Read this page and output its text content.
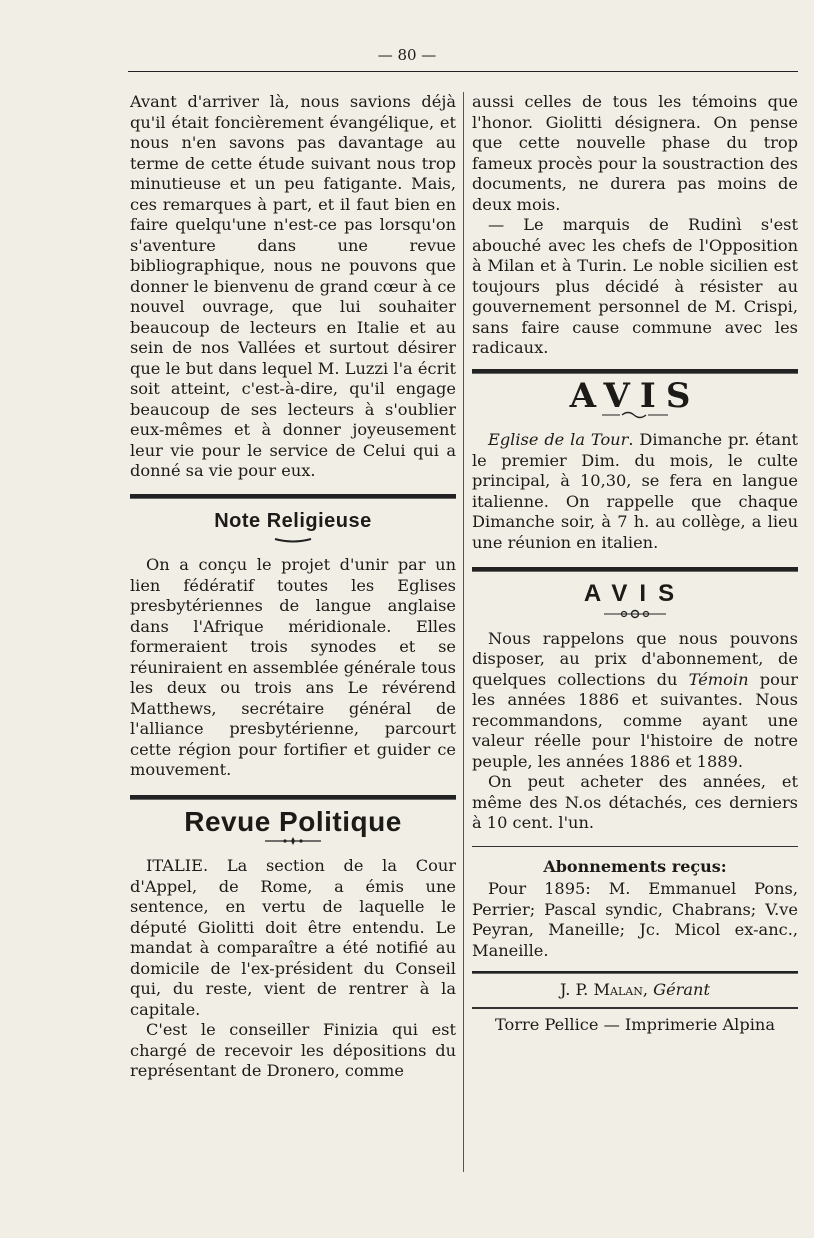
— 80 —

Avant d'arriver là, nous savions déjà qu'il était foncièrement évangélique, et nous n'en savons pas davantage au terme de cette étude suivant nous trop minutieuse et un peu fatigante. Mais, ces remarques à part, et il faut bien en faire quelqu'une n'est-ce pas lorsqu'on s'aventure dans une revue bibliographique, nous ne pouvons que donner le bienvenu de grand cœur à ce nouvel ouvrage, que lui souhaiter beaucoup de lecteurs en Italie et au sein de nos Vallées et surtout désirer que le but dans lequel M. Luzzi l'a écrit soit atteint, c'est-à-dire, qu'il engage beaucoup de ses lecteurs à s'oublier eux-mêmes et à donner joyeusement leur vie pour le service de Celui qui a donné sa vie pour eux.

Note Religieuse

On a conçu le projet d'unir par un lien fédératif toutes les Eglises presbytériennes de langue anglaise dans l'Afrique méridionale. Elles formeraient trois synodes et se réuniraient en assemblée générale tous les deux ou trois ans Le révérend Matthews, secrétaire général de l'alliance presbytérienne, parcourt cette région pour fortifier et guider ce mouvement.

Revue Politique

ITALIE. La section de la Cour d'Appel, de Rome, a émis une sentence, en vertu de laquelle le député Giolitti doit être entendu. Le mandat à comparaître a été notifié au domicile de l'ex-président du Conseil qui, du reste, vient de rentrer à la capitale.

C'est le conseiller Finizia qui est chargé de recevoir les dépositions du représentant de Dronero, comme

aussi celles de tous les témoins que l'honor. Giolitti désignera. On pense que cette nouvelle phase du trop fameux procès pour la soustraction des documents, ne durera pas moins de deux mois.

— Le marquis de Rudinì s'est abouché avec les chefs de l'Opposition à Milan et à Turin. Le noble sicilien est toujours plus décidé à résister au gouvernement personnel de M. Crispi, sans faire cause commune avec les radicaux.

AVIS

Eglise de la Tour. Dimanche pr. étant le premier Dim. du mois, le culte principal, à 10,30, se fera en langue italienne. On rappelle que chaque Dimanche soir, à 7 h. au collège, a lieu une réunion en italien.

AVIS

Nous rappelons que nous pouvons disposer, au prix d'abonnement, de quelques collections du Témoin pour les années 1886 et suivantes. Nous recommandons, comme ayant une valeur réelle pour l'histoire de notre peuple, les années 1886 et 1889.

On peut acheter des années, et même des N.os détachés, ces derniers à 10 cent. l'un.

Abonnements reçus:

Pour 1895: M. Emmanuel Pons, Perrier; Pascal syndic, Chabrans; V.ve Peyran, Maneille; Jc. Micol ex-anc., Maneille.

J. P. Malan, Gérant
Torre Pellice — Imprimerie Alpina
